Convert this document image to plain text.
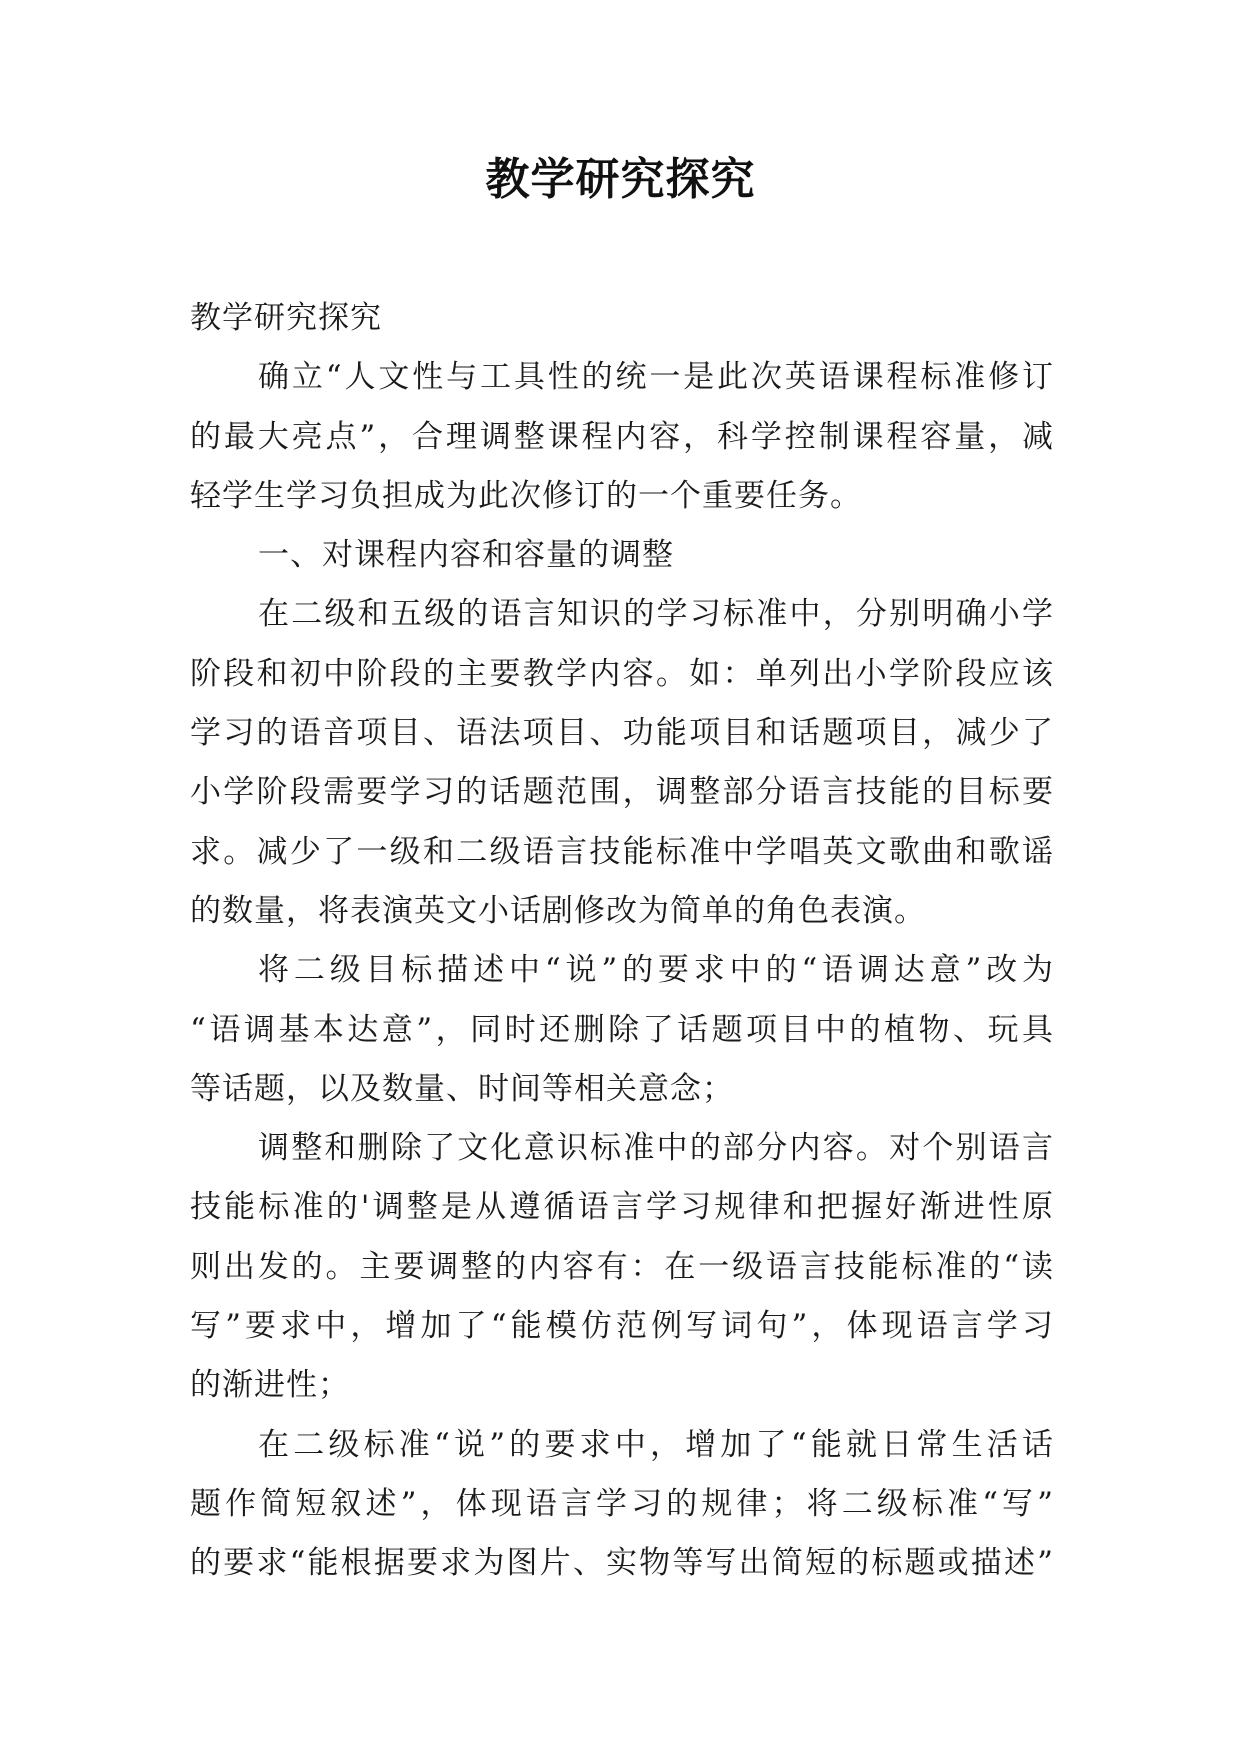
教学研究探究
教学研究探究
确立“人文性与工具性的统一是此次英语课程标准修订
的最大亮点”，合理调整课程内容，科学控制课程容量，减
轻学生学习负担成为此次修订的一个重要任务。
一、对课程内容和容量的调整
在二级和五级的语言知识的学习标准中，分别明确小学
阶段和初中阶段的主要教学内容。如：单列出小学阶段应该
学习的语音项目、语法项目、功能项目和话题项目，减少了
小学阶段需要学习的话题范围，调整部分语言技能的目标要
求。减少了一级和二级语言技能标准中学唱英文歌曲和歌谣
的数量，将表演英文小话剧修改为简单的角色表演。
将二级目标描述中“说”的要求中的“语调达意”改为
“语调基本达意”，同时还删除了话题项目中的植物、玩具
等话题，以及数量、时间等相关意念；
调整和删除了文化意识标准中的部分内容。对个别语言
技能标准的'调整是从遵循语言学习规律和把握好渐进性原
则出发的。主要调整的内容有：在一级语言技能标准的“读
写”要求中，增加了“能模仿范例写词句”，体现语言学习
的渐进性；
在二级标准“说”的要求中，增加了“能就日常生活话
题作简短叙述”，体现语言学习的规律；将二级标准“写”
的要求“能根据要求为图片、实物等写出简短的标题或描述”
